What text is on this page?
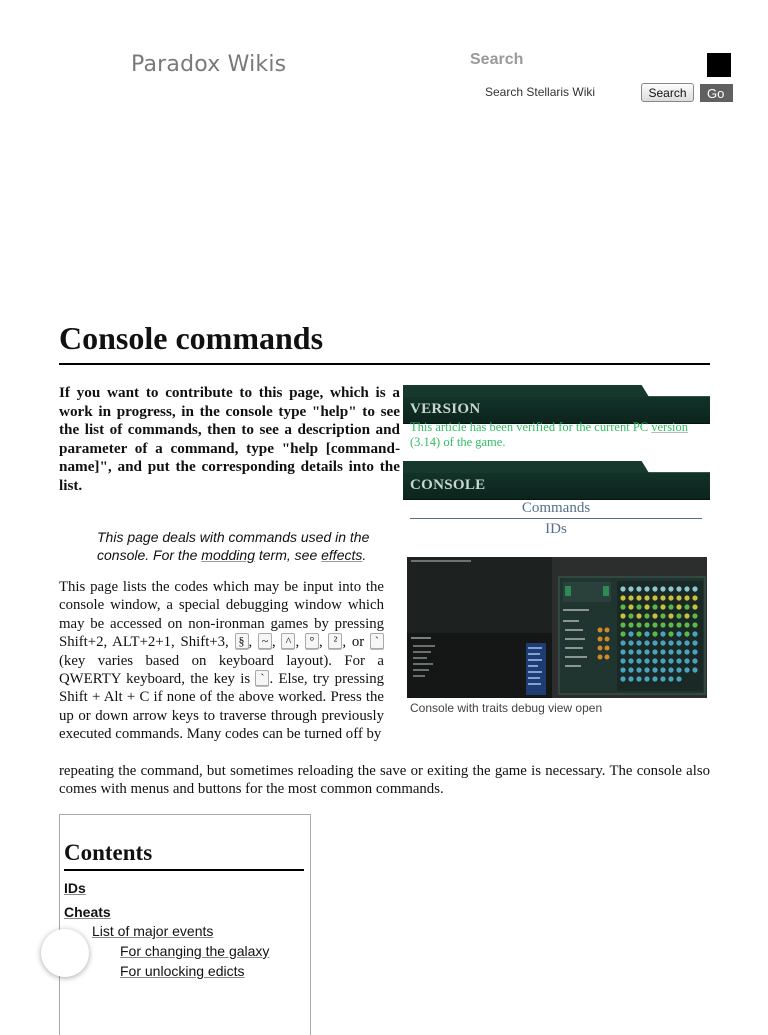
Paradox Wikis	Search
Search Stellaris Wiki
Search	Go
Console commands

If you want to contribute to this page, which is a work in progress, in the console type "help" to see the list of commands, then to see a description and parameter of a command, type "help [command-name]", and put the corresponding details into the list.

This page deals with commands used in the console. For the modding term, see effects.

This page lists the codes which may be input into the console window, a special debugging window which may be accessed on non-ironman games by pressing Shift+2, ALT+2+1, Shift+3, § , ~ , ^ , ° , ² , or ` (key varies based on keyboard layout). For a QWERTY keyboard, the key is ` . Else, try pressing Shift + Alt + C if none of the above worked. Press the up or down arrow keys to traverse through previously executed commands. Many codes can be turned off by

repeating the command, but sometimes reloading the save or exiting the game is necessary. The console also comes with menus and buttons for the most common commands.

VERSION

This article has been verified for the current PC version
(3.14) of the game.

CONSOLE
Commands
IDs
Console with traits debug view open
Contents
IDs
Cheats
List of major events
For changing the galaxy
For unlocking edicts
